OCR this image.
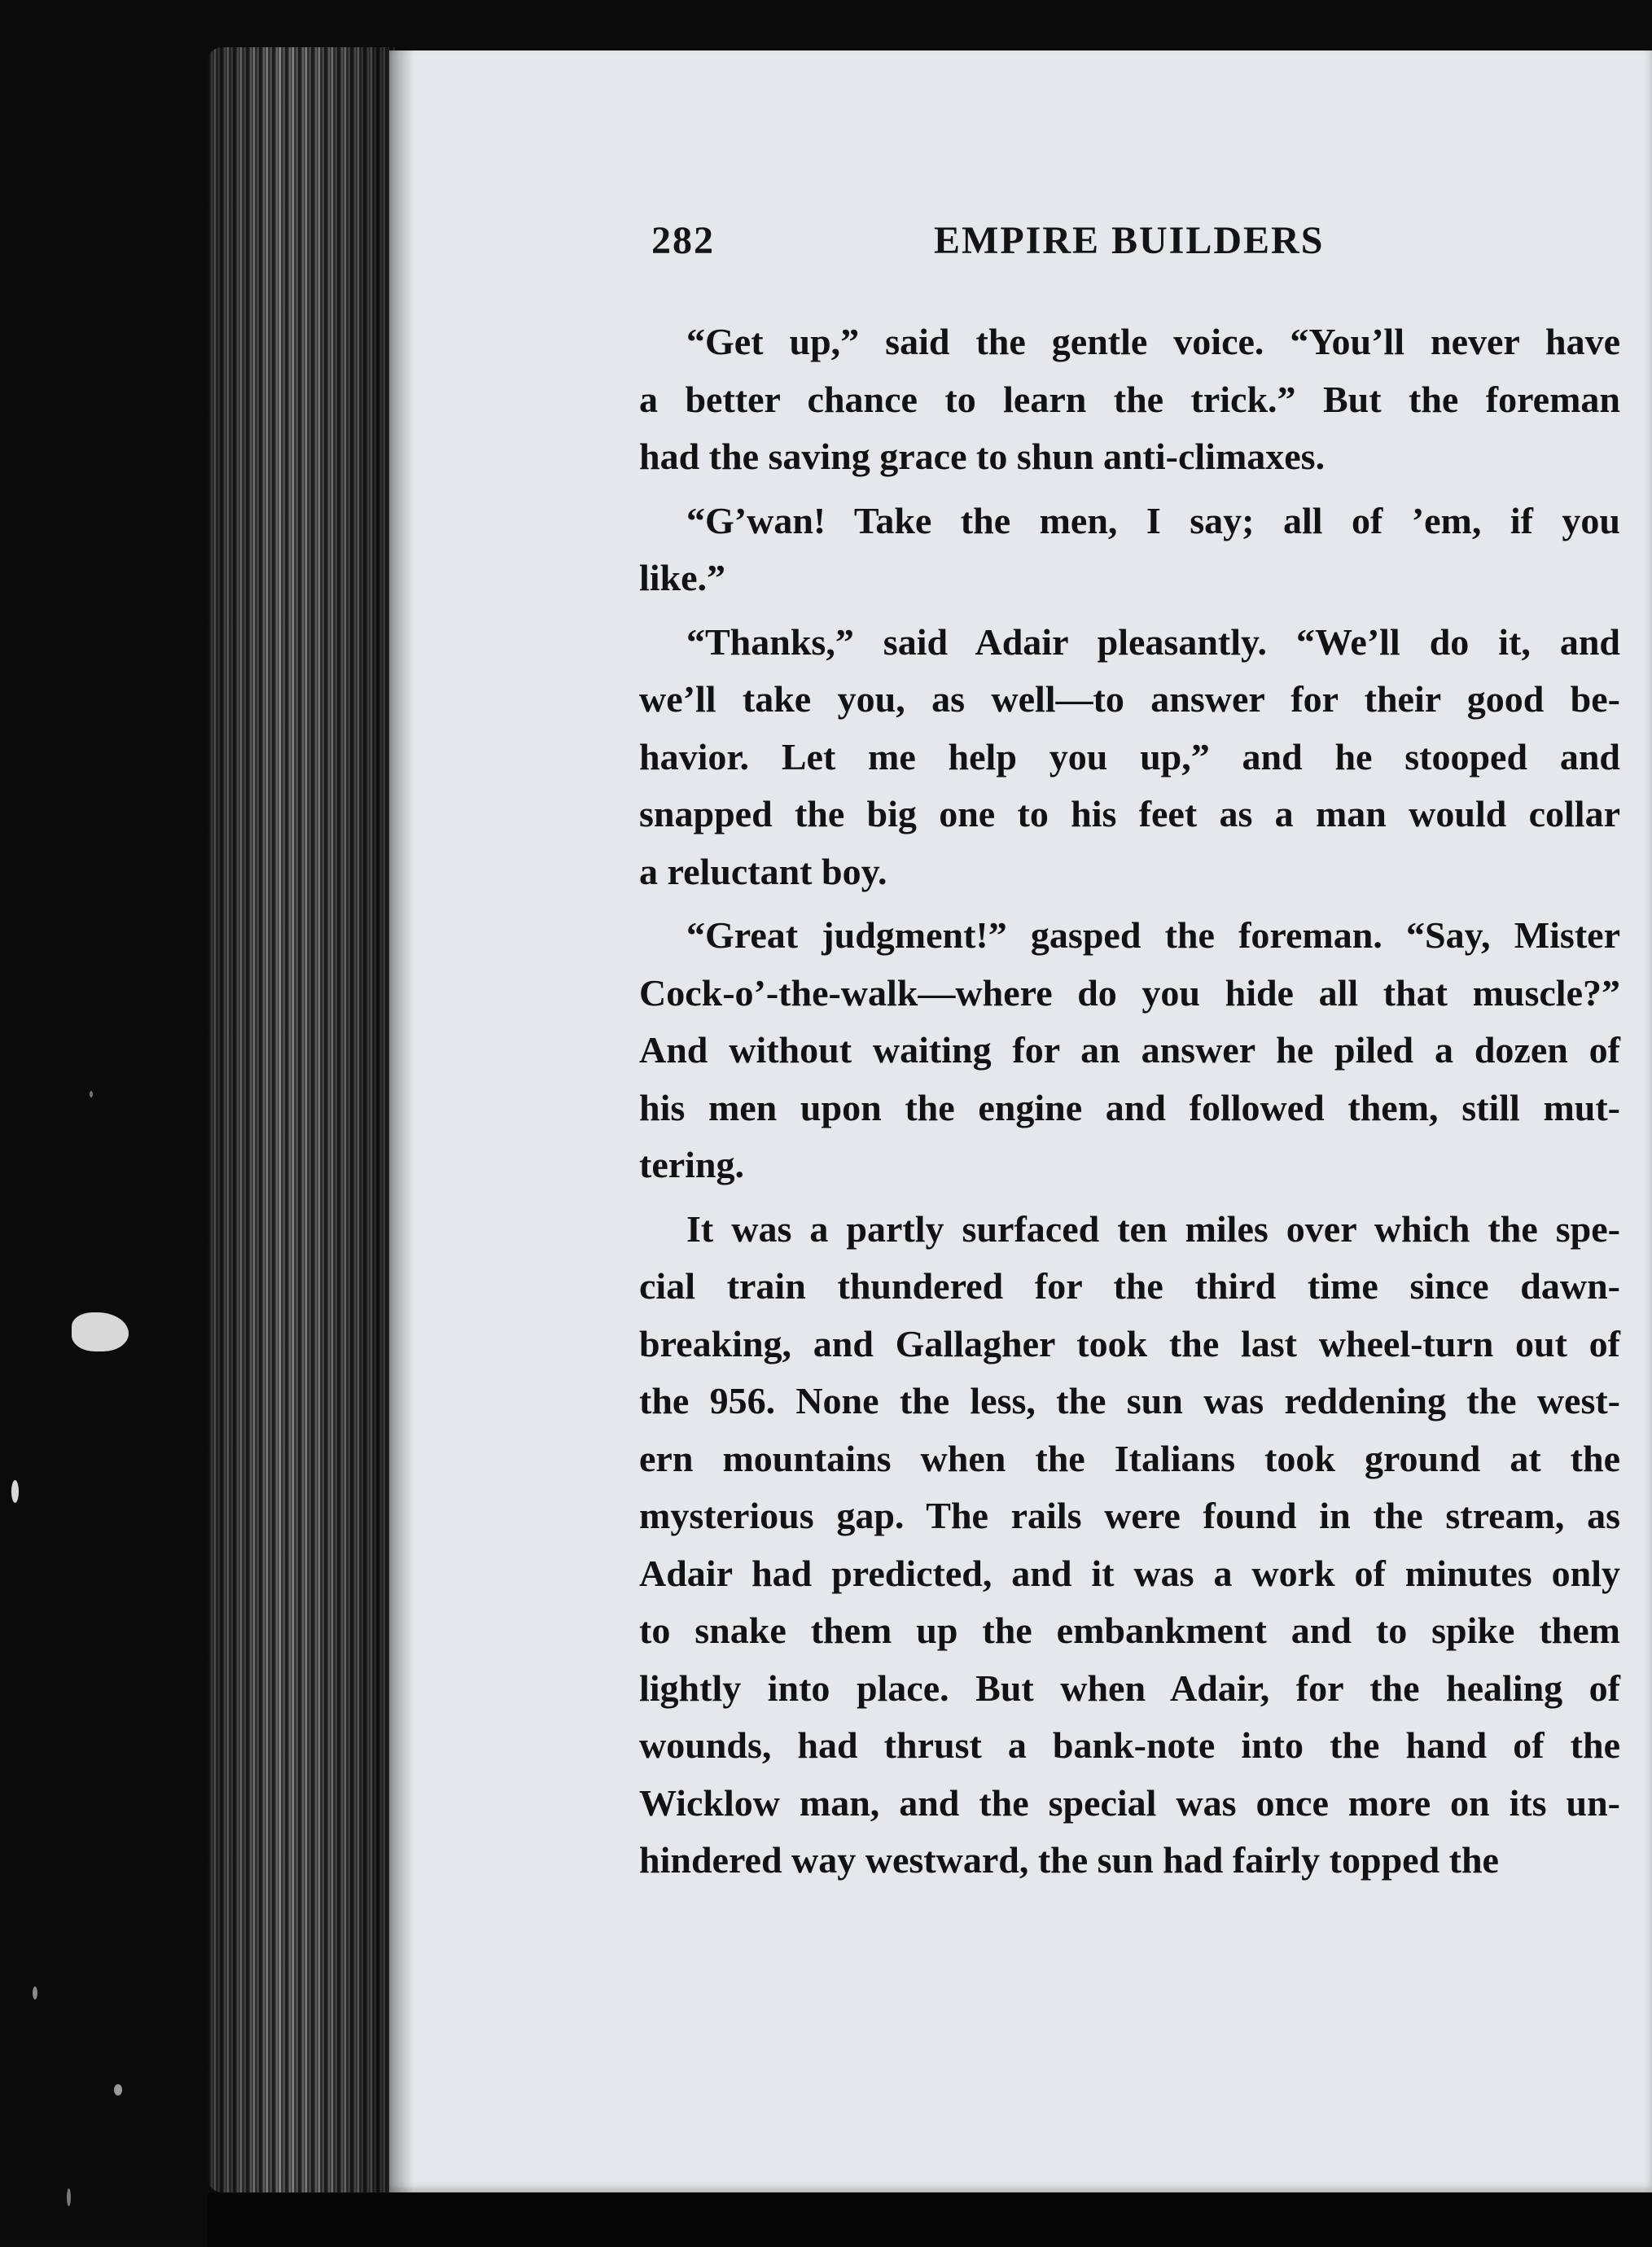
282	EMPIRE BUILDERS
“Get up,” said the gentle voice. “You’ll never have
a better chance to learn the trick.” But the foreman
had the saving grace to shun anti-climaxes.
“G’wan! Take the men, I say; all of ’em, if you
like.”
“Thanks,” said Adair pleasantly. “We’ll do it, and
we’ll take you, as well—to answer for their good be-
havior. Let me help you up,” and he stooped and
snapped the big one to his feet as a man would collar
a reluctant boy.
“Great judgment!” gasped the foreman. “Say, Mister
Cock-o’-the-walk—where do you hide all that muscle?”
And without waiting for an answer he piled a dozen of
his men upon the engine and followed them, still mut-
tering.
It was a partly surfaced ten miles over which the spe-
cial train thundered for the third time since dawn-
breaking, and Gallagher took the last wheel-turn out of
the 956. None the less, the sun was reddening the west-
ern mountains when the Italians took ground at the
mysterious gap. The rails were found in the stream, as
Adair had predicted, and it was a work of minutes only
to snake them up the embankment and to spike them
lightly into place. But when Adair, for the healing of
wounds, had thrust a bank-note into the hand of the
Wicklow man, and the special was once more on its un-
hindered way westward, the sun had fairly topped the
